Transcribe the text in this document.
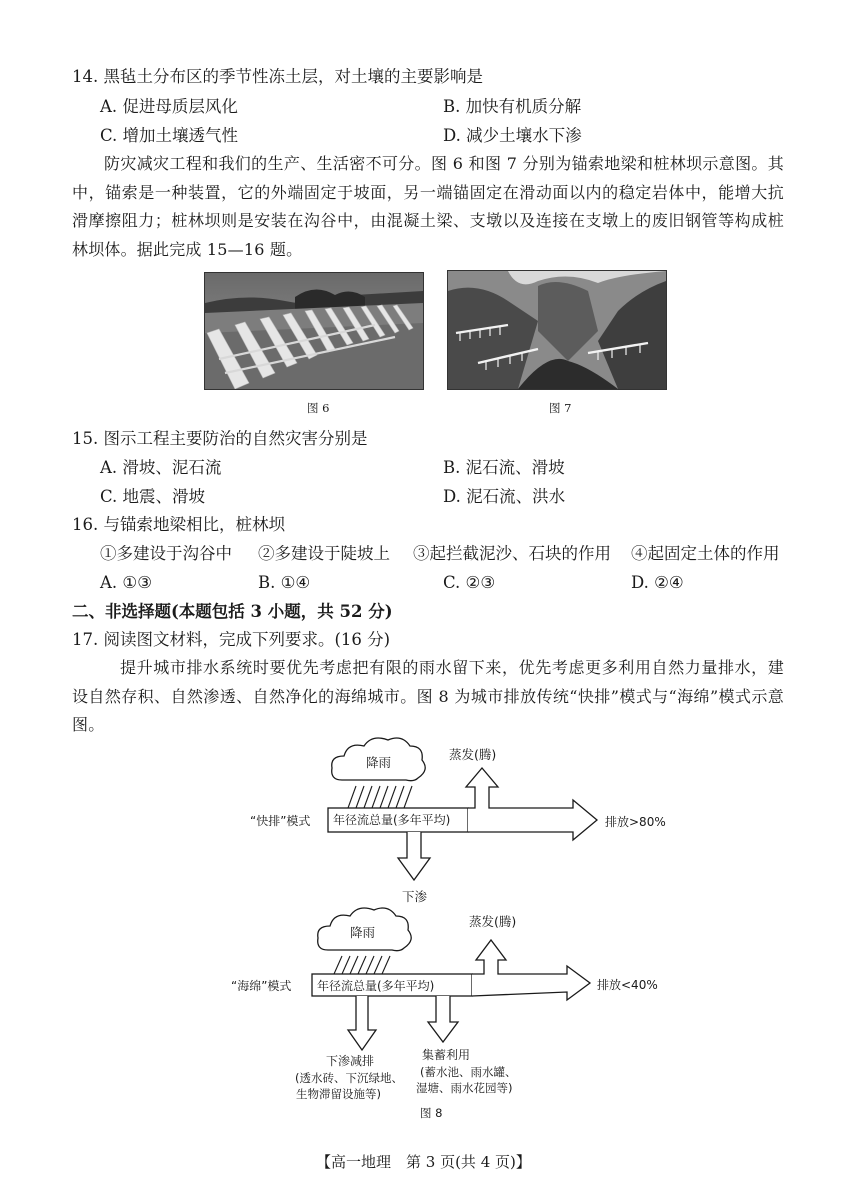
14. 黑毡土分布区的季节性冻土层，对土壤的主要影响是
A. 促进母质层风化	B. 加快有机质分解
C. 增加土壤透气性	D. 减少土壤水下渗
防灾减灾工程和我们的生产、生活密不可分。图 6 和图 7 分别为锚索地梁和桩林坝示意图。其中，锚索是一种装置，它的外端固定于坡面，另一端锚固定在滑动面以内的稳定岩体中，能增大抗滑摩擦阻力；桩林坝则是安装在沟谷中，由混凝土梁、支墩以及连接在支墩上的废旧钢管等构成桩林坝体。据此完成 15—16 题。
图 6	图 7
15. 图示工程主要防治的自然灾害分别是
A. 滑坡、泥石流	B. 泥石流、滑坡
C. 地震、滑坡	D. 泥石流、洪水
16. 与锚索地梁相比，桩林坝
①多建设于沟谷中 ②多建设于陡坡上 ③起拦截泥沙、石块的作用 ④起固定土体的作用
A. ①③	B. ①④	C. ②③	D. ②④
二、非选择题(本题包括 3 小题，共 52 分)
17. 阅读图文材料，完成下列要求。(16 分)
提升城市排水系统时要优先考虑把有限的雨水留下来，优先考虑更多利用自然力量排水，建设自然存积、自然渗透、自然净化的海绵城市。图 8 为城市排放传统“快排”模式与“海绵”模式示意图。
降雨
蒸发(腾)
“快排”模式 年径流总量(多年平均)	排放>80%
下渗
降雨
蒸发(腾)
“海绵”模式 年径流总量(多年平均)	排放<40%
下渗减排
(透水砖、下沉绿地、
生物滞留设施等)
集蓄利用
(蓄水池、雨水罐、
湿塘、雨水花园等)
图 8
【高一地理　第 3 页(共 4 页)】
